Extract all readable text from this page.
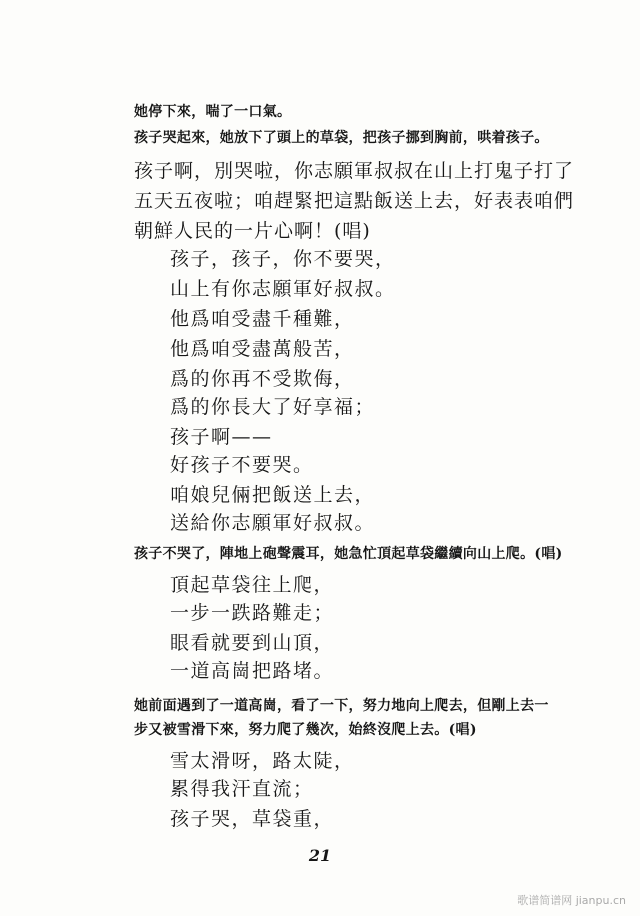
她停下來，喘了一口氣。
孩子哭起來，她放下了頭上的草袋，把孩子挪到胸前，哄着孩子。
孩子啊，別哭啦，你志願軍叔叔在山上打鬼子打了
五天五夜啦；咱趕緊把這點飯送上去，好表表咱們
朝鮮人民的一片心啊！(唱)
孩子，孩子，你不要哭，
山上有你志願軍好叔叔。
他爲咱受盡千種難，
他爲咱受盡萬般苦，
爲的你再不受欺侮，
爲的你長大了好享福；
孩子啊——
好孩子不要哭。
咱娘兒倆把飯送上去，
送給你志願軍好叔叔。
孩子不哭了，陣地上砲聲震耳，她急忙頂起草袋繼續向山上爬。(唱)
頂起草袋往上爬，
一步一跌路難走；
眼看就要到山頂，
一道高崗把路堵。
她前面遇到了一道高崗，看了一下，努力地向上爬去，但剛上去一
步又被雪滑下來，努力爬了幾次，始終沒爬上去。(唱)
雪太滑呀，路太陡，
累得我汗直流；
孩子哭，草袋重，
21
歌谱简谱网 jianpu.cn
